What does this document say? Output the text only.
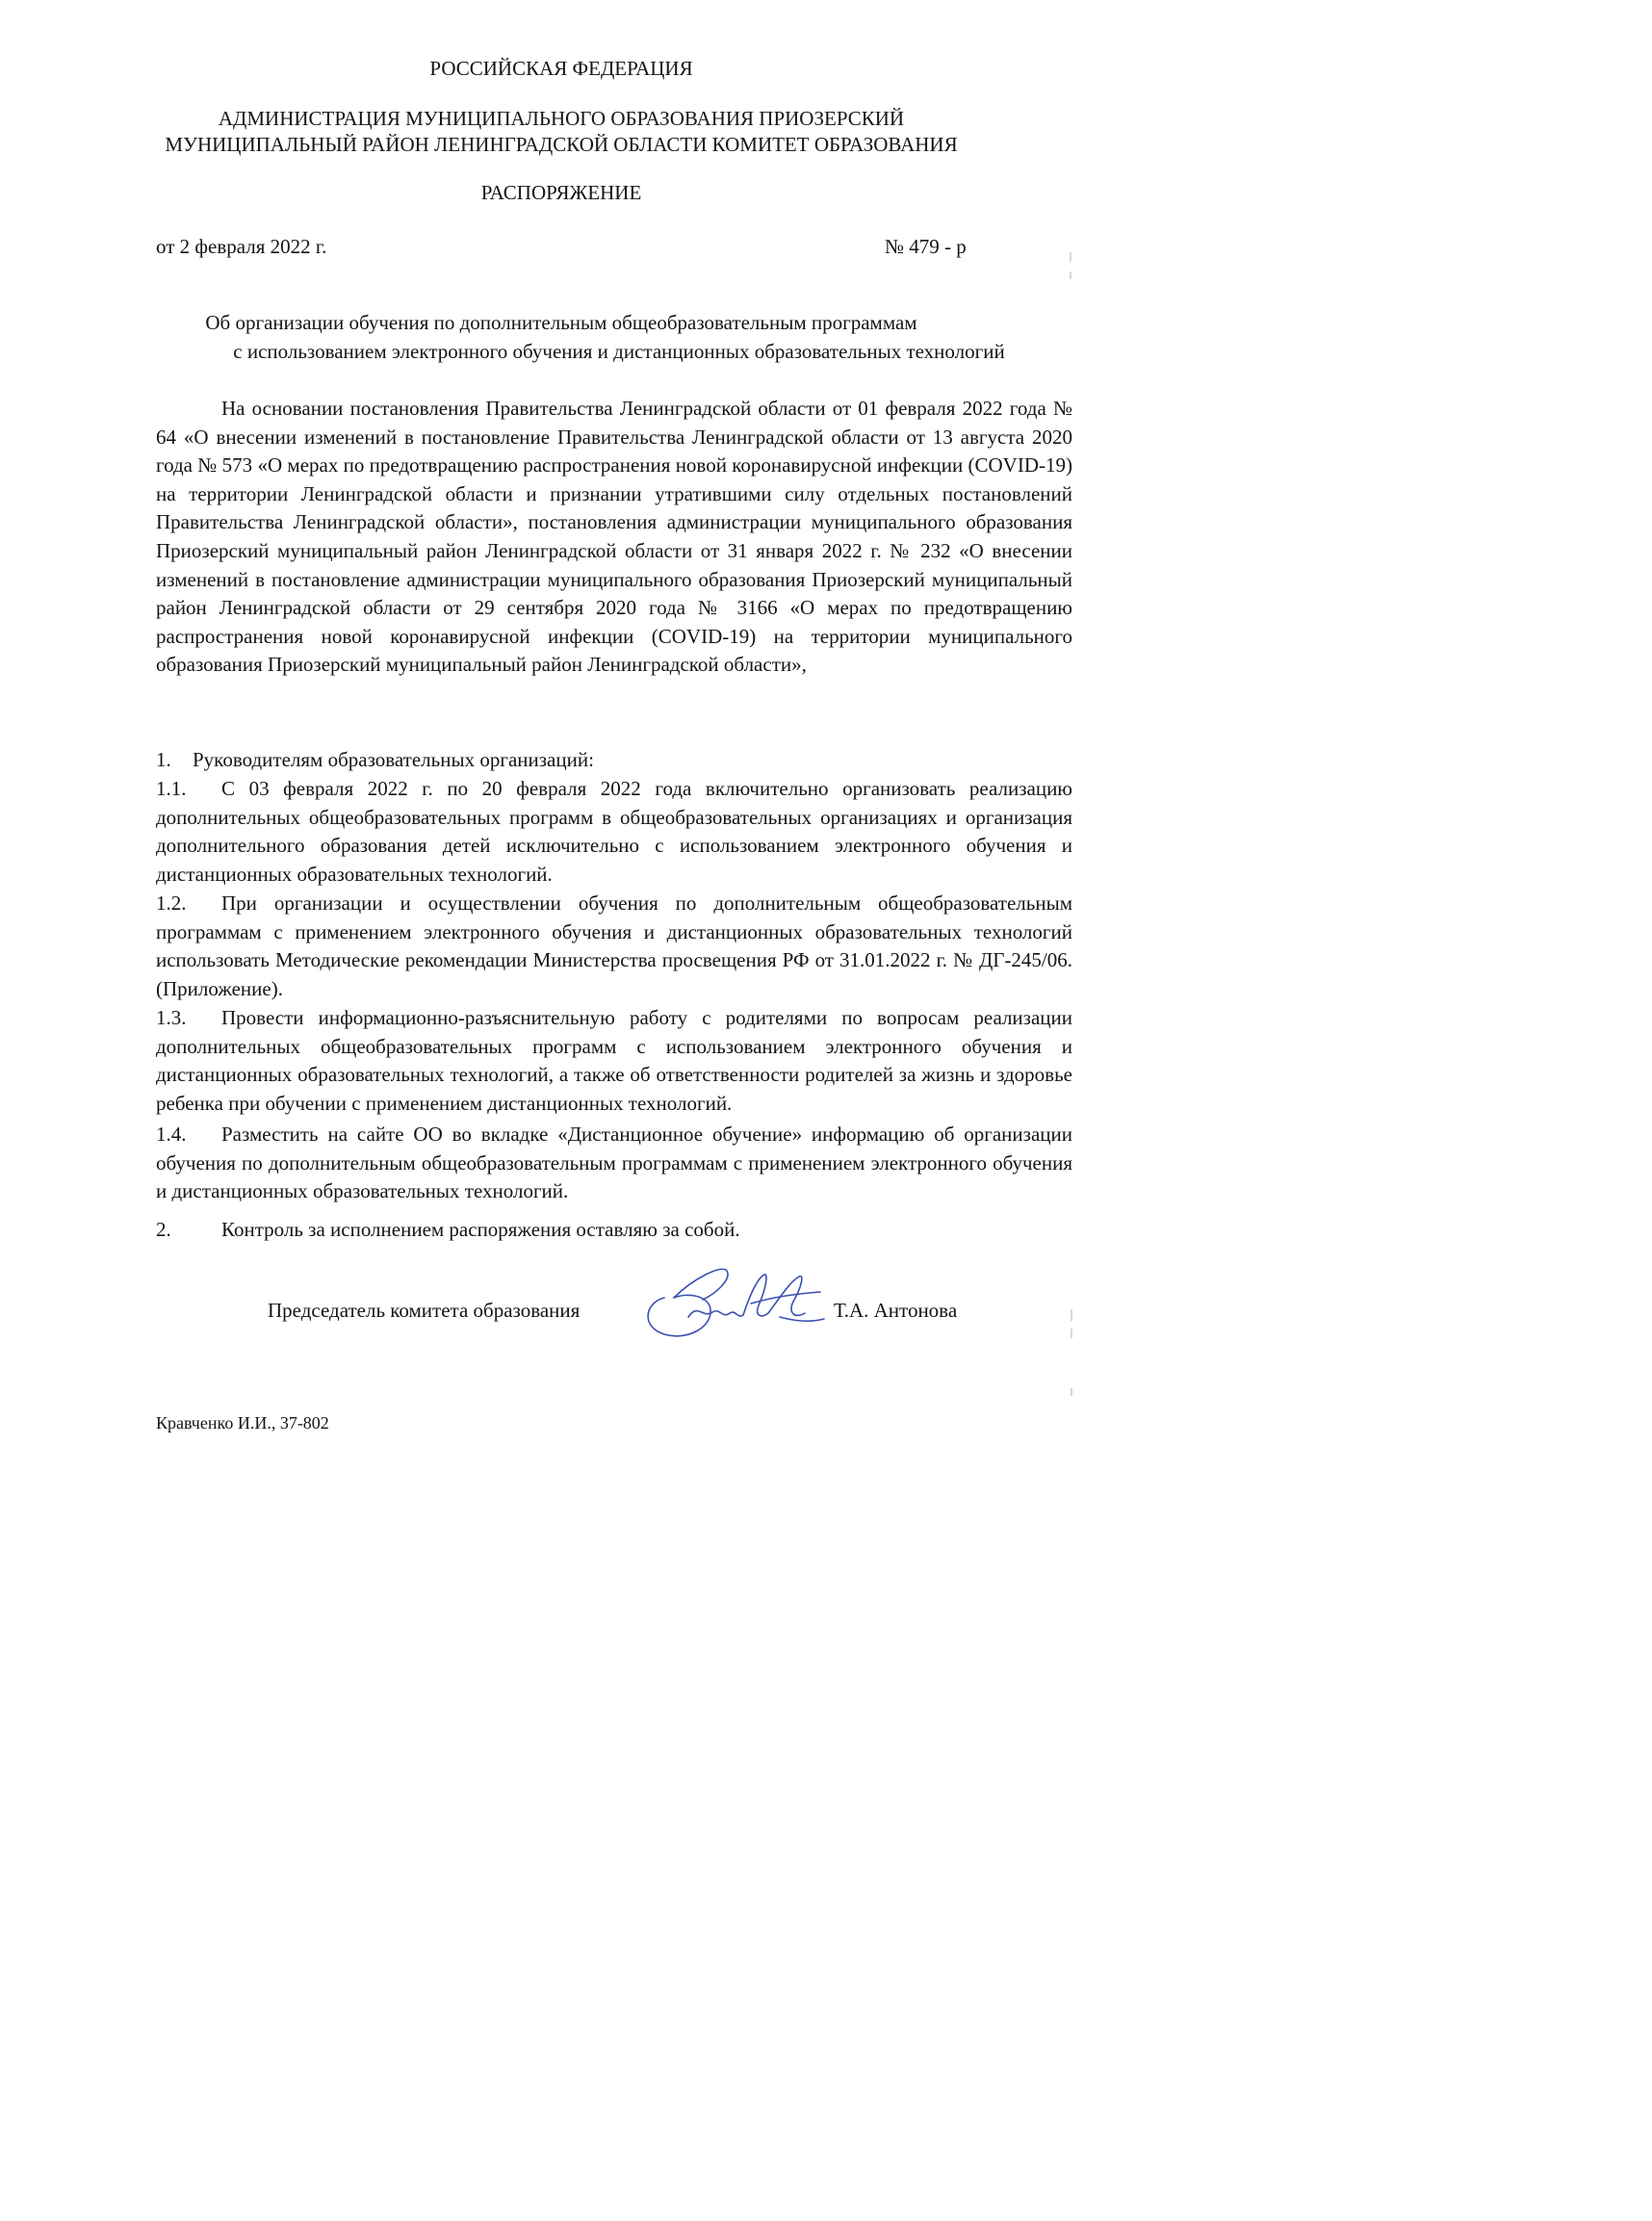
РОССИЙСКАЯ ФЕДЕРАЦИЯ
АДМИНИСТРАЦИЯ МУНИЦИПАЛЬНОГО ОБРАЗОВАНИЯ ПРИОЗЕРСКИЙ
МУНИЦИПАЛЬНЫЙ РАЙОН ЛЕНИНГРАДСКОЙ ОБЛАСТИ КОМИТЕТ ОБРАЗОВАНИЯ
РАСПОРЯЖЕНИЕ
от 2 февраля 2022 г.	№ 479 - р
Об организации обучения по дополнительным общеобразовательным программам
с использованием электронного обучения и дистанционных образовательных технологий
На основании постановления Правительства Ленинградской области от 01 февраля 2022 года № 64 «О внесении изменений в постановление Правительства Ленинградской области от 13 августа 2020 года № 573 «О мерах по предотвращению распространения новой коронавирусной инфекции (COVID-19) на территории Ленинградской области и признании утратившими силу отдельных постановлений Правительства Ленинградской области», постановления администрации муниципального образования Приозерский муниципальный район Ленинградской области от 31 января 2022 г. № 232 «О внесении изменений в постановление администрации муниципального образования Приозерский муниципальный район Ленинградской области от 29 сентября 2020 года № 3166 «О мерах по предотвращению распространения новой коронавирусной инфекции (COVID-19) на территории муниципального образования Приозерский муниципальный район Ленинградской области»,
1. Руководителям образовательных организаций:
1.1. С 03 февраля 2022 г. по 20 февраля 2022 года включительно организовать реализацию дополнительных общеобразовательных программ в общеобразовательных организациях и организация дополнительного образования детей исключительно с использованием электронного обучения и дистанционных образовательных технологий.
1.2. При организации и осуществлении обучения по дополнительным общеобразовательным программам с применением электронного обучения и дистанционных образовательных технологий использовать Методические рекомендации Министерства просвещения РФ от 31.01.2022 г. № ДГ-245/06. (Приложение).
1.3. Провести информационно-разъяснительную работу с родителями по вопросам реализации дополнительных общеобразовательных программ с использованием электронного обучения и дистанционных образовательных технологий, а также об ответственности родителей за жизнь и здоровье ребенка при обучении с применением дистанционных технологий.
1.4. Разместить на сайте ОО во вкладке «Дистанционное обучение» информацию об организации обучения по дополнительным общеобразовательным программам с применением электронного обучения и дистанционных образовательных технологий.
2. Контроль за исполнением распоряжения оставляю за собой.
Председатель комитета образования	Т.А. Антонова
Кравченко И.И., 37-802
